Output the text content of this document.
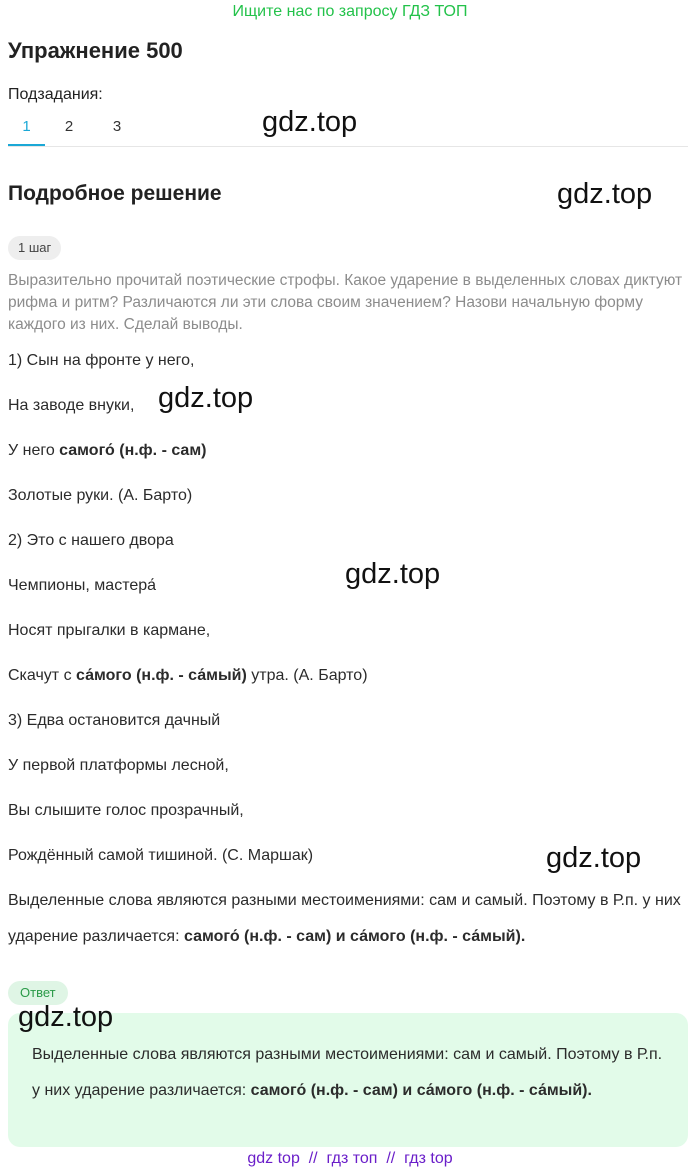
Ищите нас по запросу ГДЗ ТОП
Упражнение 500
Подзадания:
1	2	3	gdz.top
Подробное решение	gdz.top
1 шаг
Выразительно прочитай поэтические строфы. Какое ударение в выделенных словах диктуют рифма и ритм? Различаются ли эти слова своим значением? Назови начальную форму каждого из них. Сделай выводы.
1) Сын на фронте у него,
На заводе внуки, gdz.top
У него самого́ (н.ф. - сам)
Золотые руки. (А. Барто)
2) Это с нашего двора
Чемпионы, мастера́	gdz.top
Носят прыгалки в кармане,
Скачут с са́мого (н.ф. - са́мый) утра. (А. Барто)
3) Едва остановится дачный
У первой платформы лесной,
Вы слышите голос прозрачный,
Рождённый самой тишиной. (С. Маршак)	gdz.top
Выделенные слова являются разными местоимениями: сам и самый. Поэтому в Р.п. у них ударение различается: самого́ (н.ф. - сам) и са́мого (н.ф. - са́мый).
Ответ
gdz.top
Выделенные слова являются разными местоимениями: сам и самый. Поэтому в Р.п. у них ударение различается: самого́ (н.ф. - сам) и са́мого (н.ф. - са́мый).
gdz top  //  гдз топ  //  гдз top
